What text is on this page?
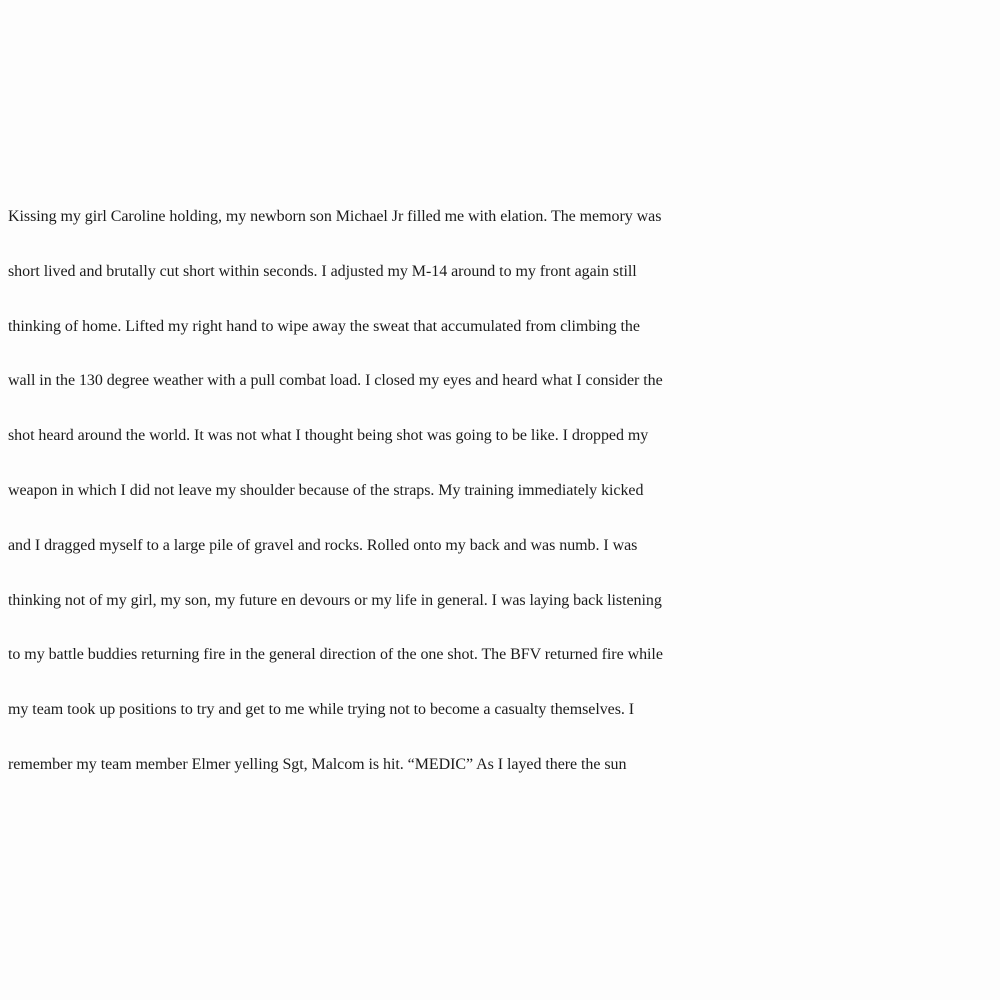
Kissing my girl Caroline holding, my newborn son Michael Jr filled me with elation. The memory was
short lived and brutally cut short within seconds. I adjusted my M-14 around to my front again still
thinking of home. Lifted my right hand to wipe away the sweat that accumulated from climbing the
wall in the 130 degree weather with a pull combat load. I closed my eyes and heard what I consider the
shot heard around the world. It was not what I thought being shot was going to be like. I dropped my
weapon in which I did not leave my shoulder because of the straps. My training immediately kicked
and I dragged myself to a large pile of gravel and rocks. Rolled onto my back and was numb. I was
thinking not of my girl, my son, my future en devours or my life in general. I was laying back listening
to my battle buddies returning fire in the general direction of the one shot. The BFV returned fire while
my team took up positions to try and get to me while trying not to become a casualty themselves. I
remember my team member Elmer yelling Sgt, Malcom is hit. “MEDIC” As I layed there the sun
